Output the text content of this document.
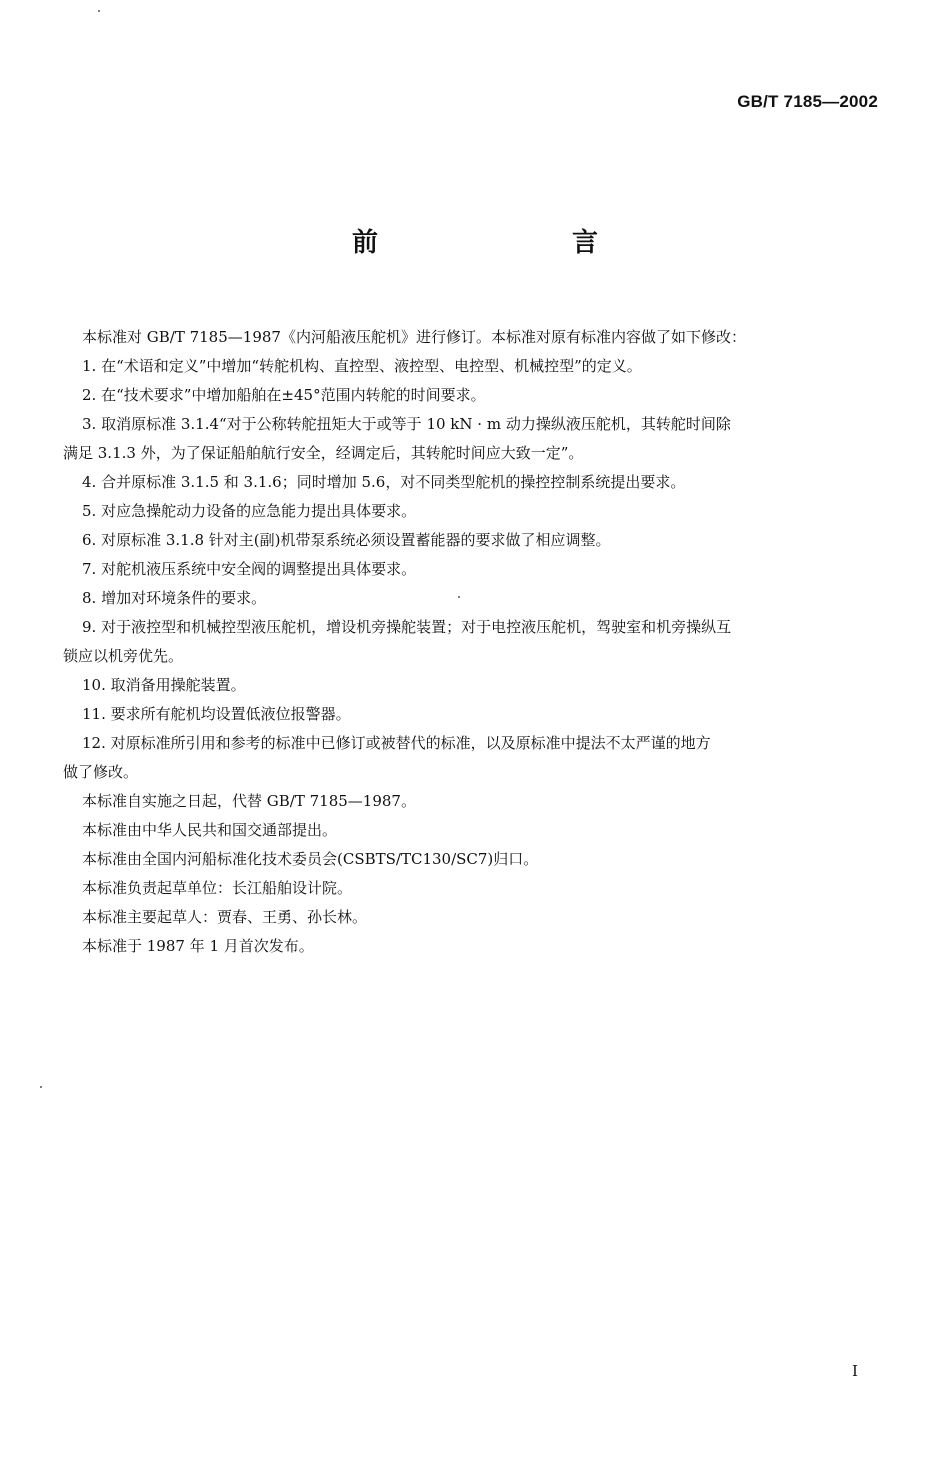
GB/T 7185—2002
前　言

本标准对 GB/T 7185—1987《内河船液压舵机》进行修订。本标准对原有标准内容做了如下修改：

1. 在“术语和定义”中增加“转舵机构、直控型、液控型、电控型、机械控型”的定义。

2. 在“技术要求”中增加船舶在±45°范围内转舵的时间要求。

3. 取消原标准 3.1.4“对于公称转舵扭矩大于或等于 10 kN · m 动力操纵液压舵机，其转舵时间除

满足 3.1.3 外，为了保证船舶航行安全，经调定后，其转舵时间应大致一定”。

4. 合并原标准 3.1.5 和 3.1.6；同时增加 5.6，对不同类型舵机的操控控制系统提出要求。

5. 对应急操舵动力设备的应急能力提出具体要求。

6. 对原标准 3.1.8 针对主(副)机带泵系统必须设置蓄能器的要求做了相应调整。

7. 对舵机液压系统中安全阀的调整提出具体要求。

8. 增加对环境条件的要求。

9. 对于液控型和机械控型液压舵机，增设机旁操舵装置；对于电控液压舵机，驾驶室和机旁操纵互

锁应以机旁优先。

10. 取消备用操舵装置。

11. 要求所有舵机均设置低液位报警器。

12. 对原标准所引用和参考的标准中已修订或被替代的标准，以及原标准中提法不太严谨的地方

做了修改。

本标准自实施之日起，代替 GB/T 7185—1987。

本标准由中华人民共和国交通部提出。

本标准由全国内河船标准化技术委员会(CSBTS/TC130/SC7)归口。

本标准负责起草单位：长江船舶设计院。

本标准主要起草人：贾春、王勇、孙长林。

本标准于 1987 年 1 月首次发布。

I
